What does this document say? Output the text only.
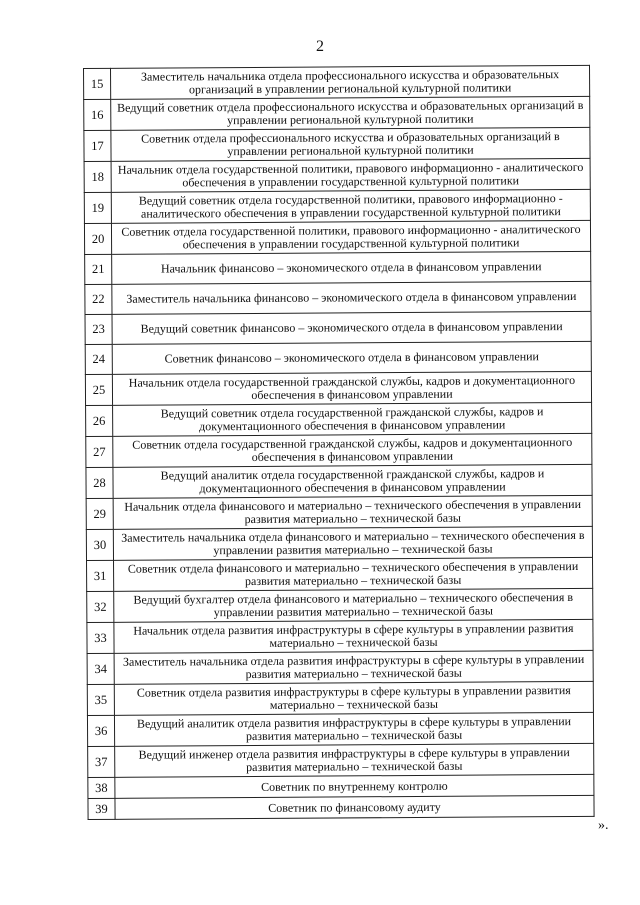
2
15	Заместитель начальника отдела профессионального искусства и образовательных организаций в управлении региональной культурной политики
16	Ведущий советник отдела профессионального искусства и образовательных организаций в управлении региональной культурной политики
17	Советник отдела профессионального искусства и образовательных организаций в управлении региональной культурной политики
18	Начальник отдела государственной политики, правового информационно - аналитического обеспечения в управлении государственной культурной политики
19	Ведущий советник отдела государственной политики, правового информационно - аналитического обеспечения в управлении государственной культурной политики
20	Советник отдела государственной политики, правового информационно - аналитического обеспечения в управлении государственной культурной политики
21	Начальник финансово – экономического отдела в финансовом управлении
22	Заместитель начальника финансово – экономического отдела в финансовом управлении
23	Ведущий советник финансово – экономического отдела в финансовом управлении
24	Советник финансово – экономического отдела в финансовом управлении
25	Начальник отдела государственной гражданской службы, кадров и документационного обеспечения в финансовом управлении
26	Ведущий советник отдела государственной гражданской службы, кадров и документационного обеспечения в финансовом управлении
27	Советник отдела государственной гражданской службы, кадров и документационного обеспечения в финансовом управлении
28	Ведущий аналитик отдела государственной гражданской службы, кадров и документационного обеспечения в финансовом управлении
29	Начальник отдела финансового и материально – технического обеспечения в управлении развития материально – технической базы
30	Заместитель начальника отдела финансового и материально – технического обеспечения в управлении развития материально – технической базы
31	Советник отдела финансового и материально – технического обеспечения в управлении развития материально – технической базы
32	Ведущий бухгалтер отдела финансового и материально – технического обеспечения в управлении развития материально – технической базы
33	Начальник отдела развития инфраструктуры в сфере культуры в управлении развития материально – технической базы
34	Заместитель начальника отдела развития инфраструктуры в сфере культуры в управлении развития материально – технической базы
35	Советник отдела развития инфраструктуры в сфере культуры в управлении развития материально – технической базы
36	Ведущий аналитик отдела развития инфраструктуры в сфере культуры в управлении развития материально – технической базы
37	Ведущий инженер отдела развития инфраструктуры в сфере культуры в управлении развития материально – технической базы
38	Советник по внутреннему контролю
39	Советник по финансовому аудиту
».
